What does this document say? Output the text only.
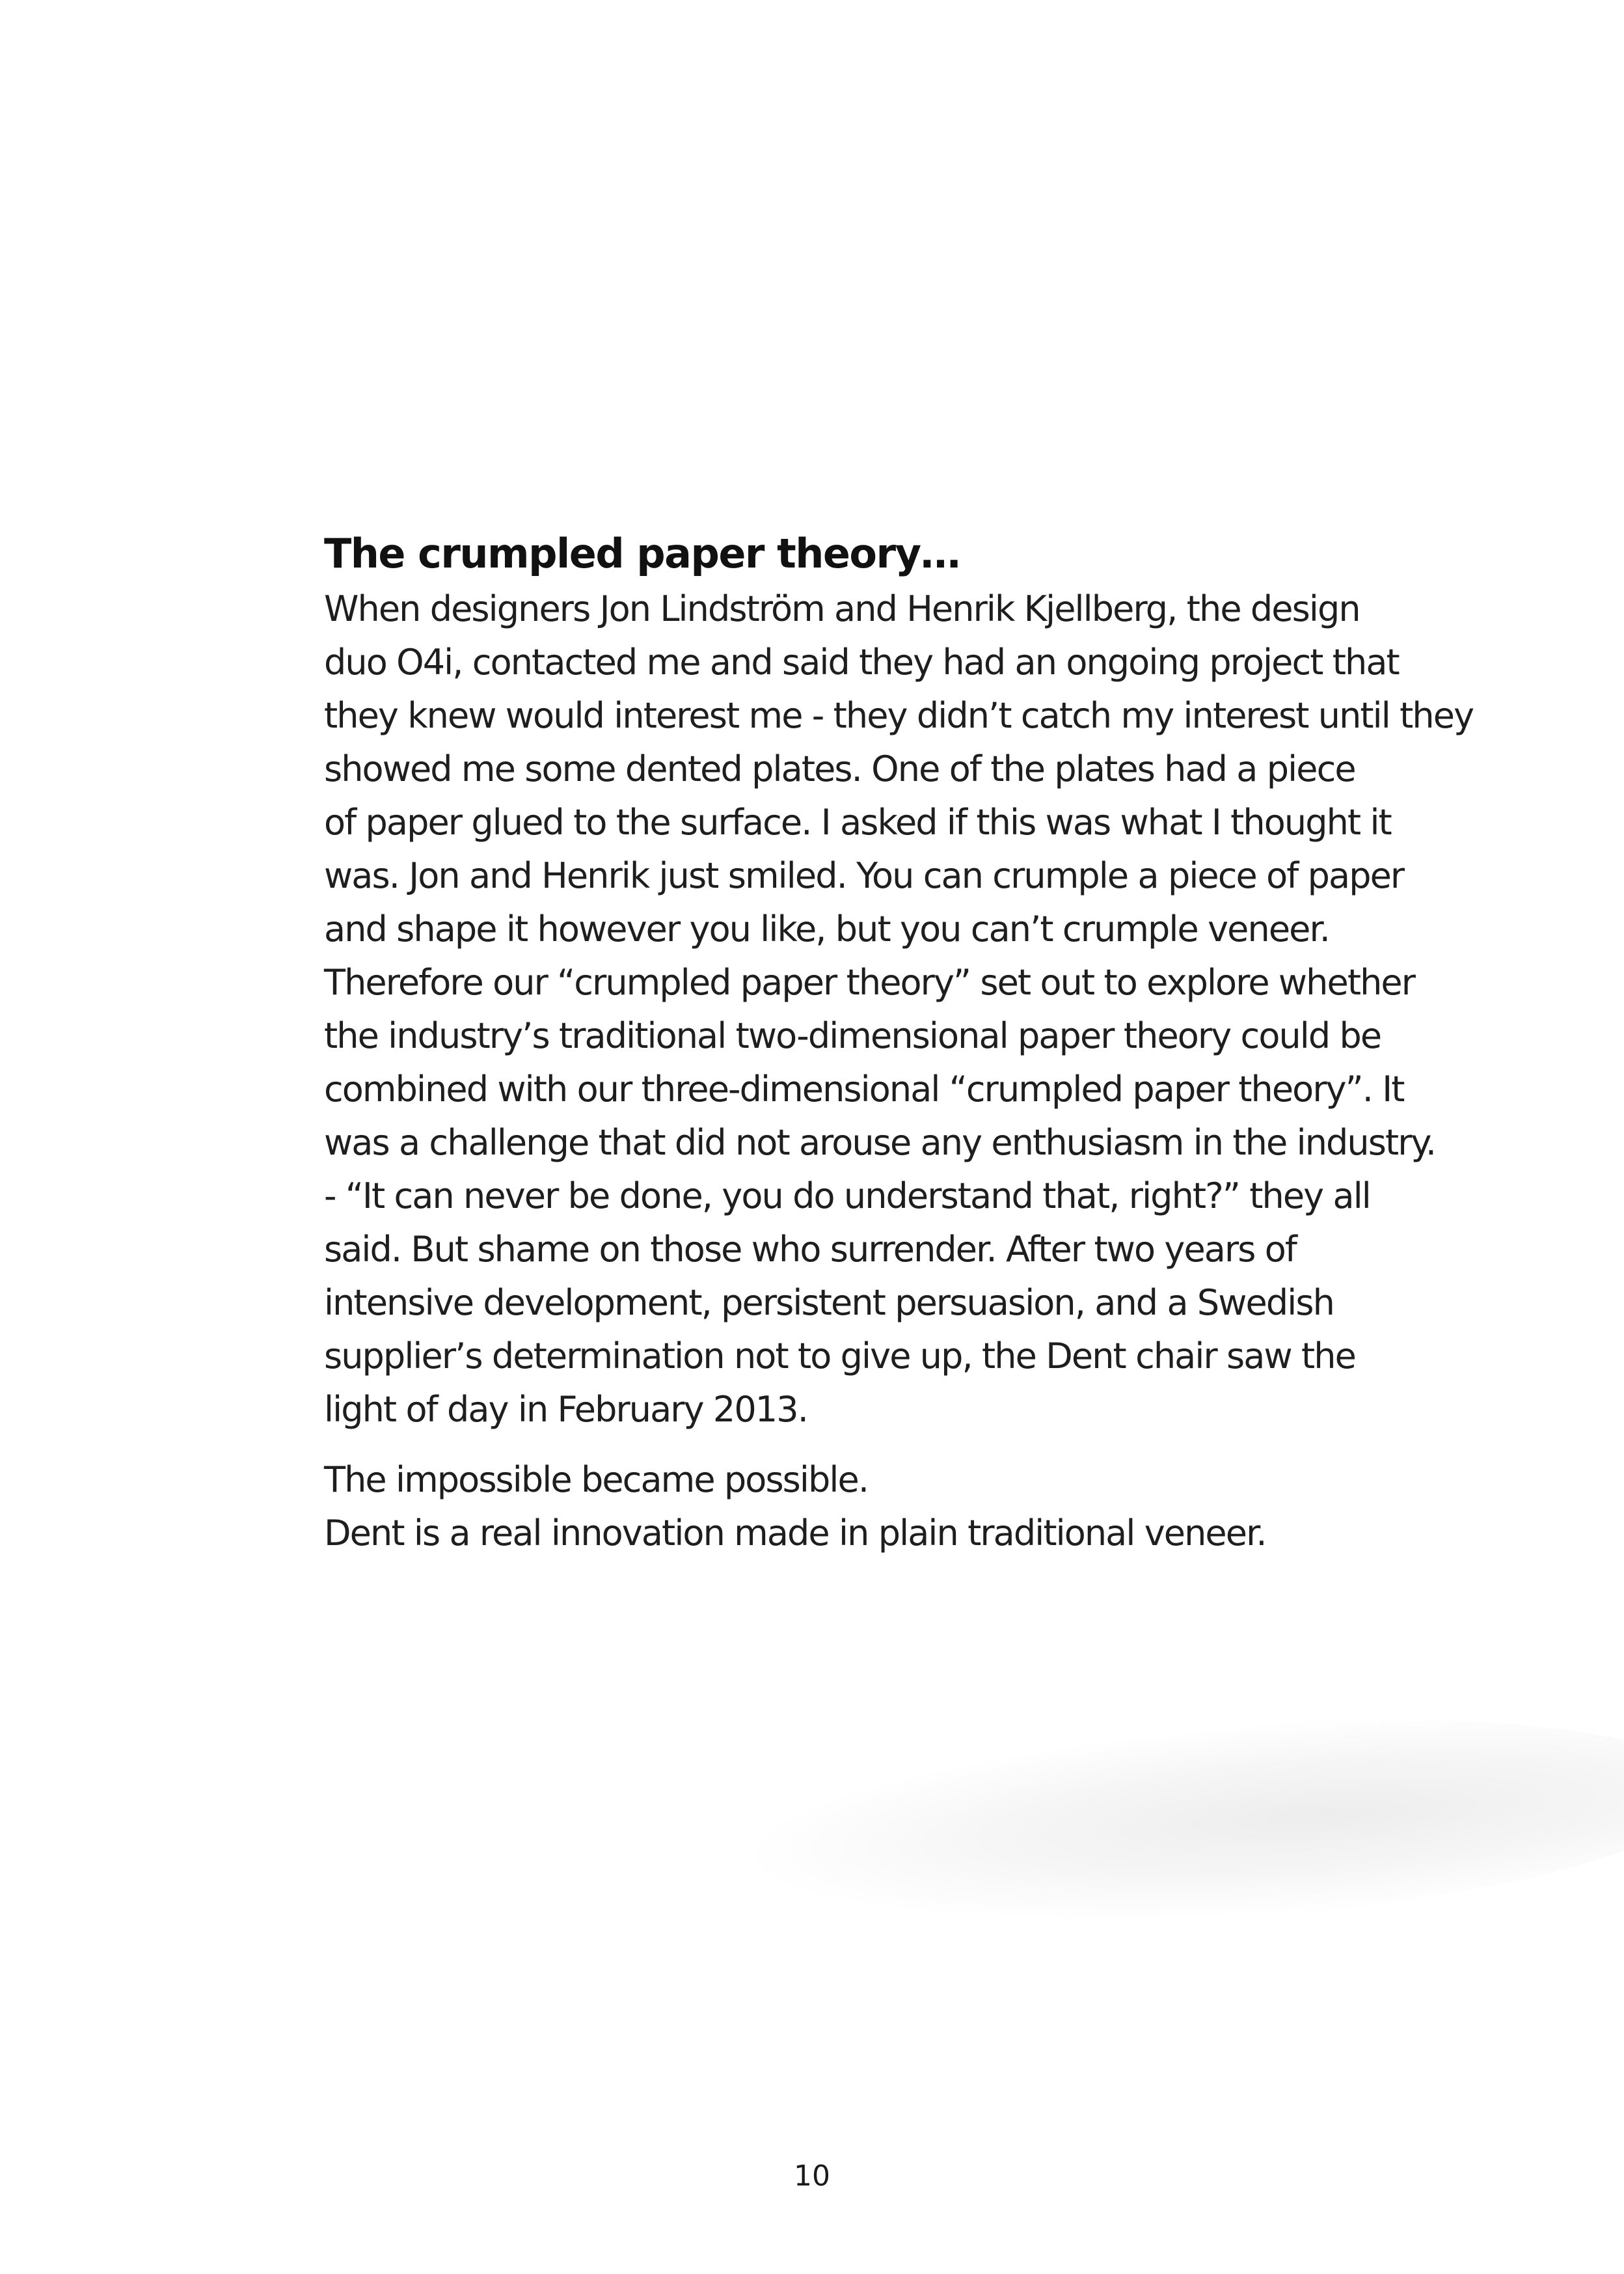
The crumpled paper theory…

When designers Jon Lindström and Henrik Kjellberg, the design
duo O4i, contacted me and said they had an ongoing project that
they knew would interest me - they didn’t catch my interest until they
showed me some dented plates. One of the plates had a piece
of paper glued to the surface. I asked if this was what I thought it
was. Jon and Henrik just smiled. You can crumple a piece of paper
and shape it however you like, but you can’t crumple veneer.
Therefore our “crumpled paper theory” set out to explore whether
the industry’s traditional two-dimensional paper theory could be
combined with our three-dimensional “crumpled paper theory”. It
was a challenge that did not arouse any enthusiasm in the industry.
- “It can never be done, you do understand that, right?” they all
said. But shame on those who surrender. After two years of
intensive development, persistent persuasion, and a Swedish
supplier’s determination not to give up, the Dent chair saw the
light of day in February 2013.

The impossible became possible.
Dent is a real innovation made in plain traditional veneer.

10
